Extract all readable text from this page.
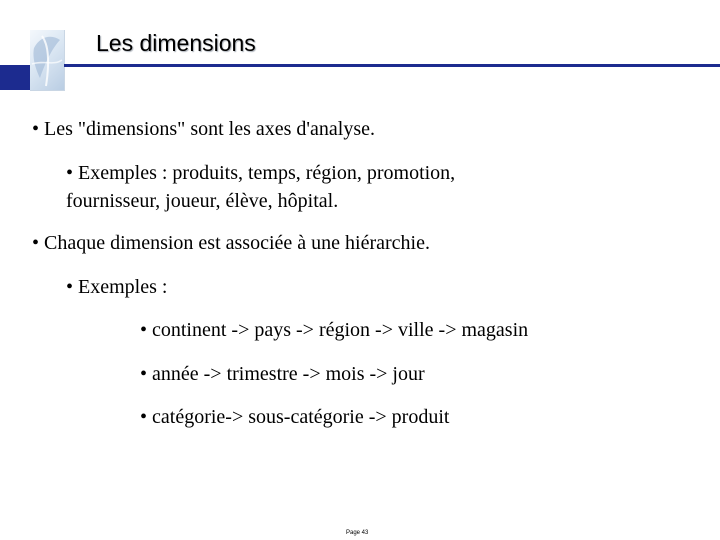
Les dimensions
• Les "dimensions" sont les axes d'analyse.
• Exemples : produits, temps, région, promotion,
fournisseur, joueur, élève, hôpital.
• Chaque dimension est associée à une hiérarchie.
• Exemples :
• continent -> pays -> région -> ville -> magasin
• année -> trimestre -> mois -> jour
• catégorie-> sous-catégorie -> produit
Page 43
